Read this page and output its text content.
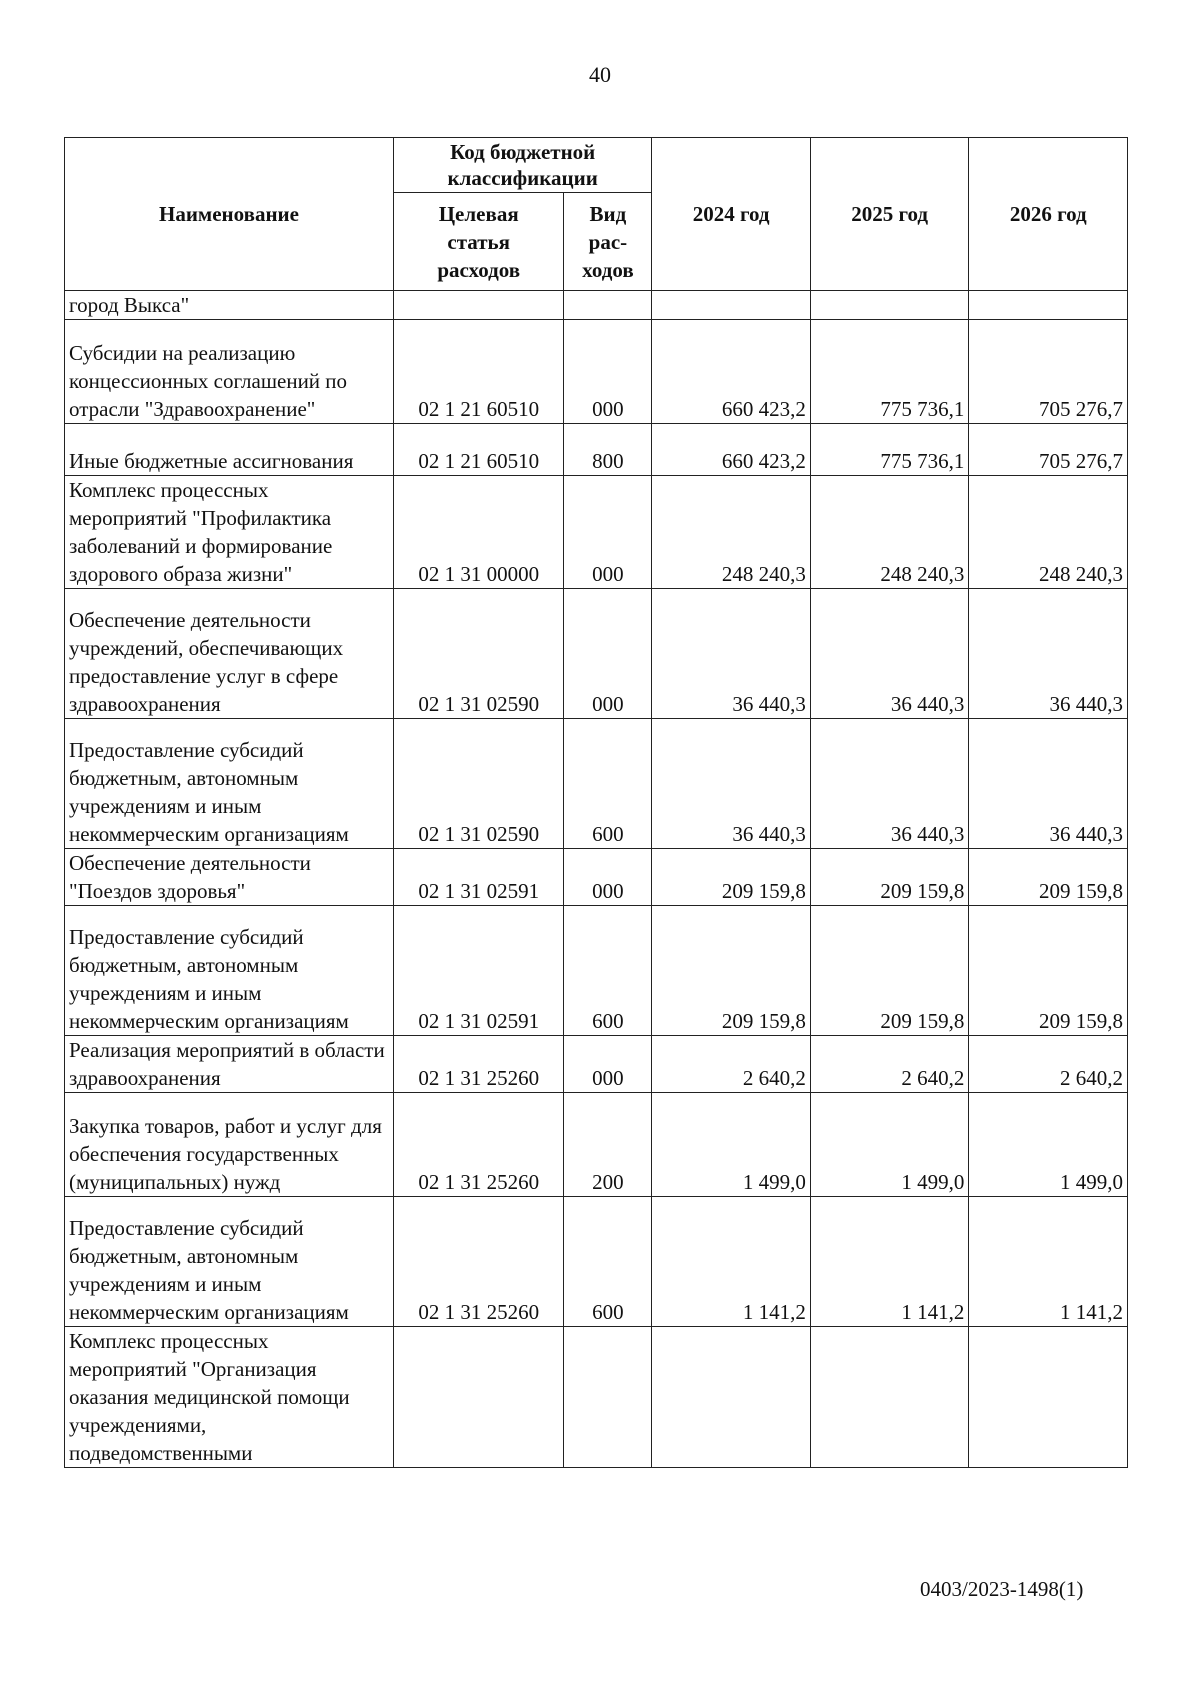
40
Наименование	Код бюджетной классификации		2024 год	2025 год	2026 год
	Целевая статья расходов	Вид рас-ходов			
город Выкса"					
Субсидии на реализацию концессионных соглашений по отрасли "Здравоохранение"	02 1 21 60510	000	660 423,2	775 736,1	705 276,7
Иные бюджетные ассигнования	02 1 21 60510	800	660 423,2	775 736,1	705 276,7
Комплекс процессных мероприятий "Профилактика заболеваний и формирование здорового образа жизни"	02 1 31 00000	000	248 240,3	248 240,3	248 240,3
Обеспечение деятельности учреждений, обеспечивающих предоставление услуг в сфере здравоохранения	02 1 31 02590	000	36 440,3	36 440,3	36 440,3
Предоставление субсидий бюджетным, автономным учреждениям и иным некоммерческим организациям	02 1 31 02590	600	36 440,3	36 440,3	36 440,3
Обеспечение деятельности "Поездов здоровья"	02 1 31 02591	000	209 159,8	209 159,8	209 159,8
Предоставление субсидий бюджетным, автономным учреждениям и иным некоммерческим организациям	02 1 31 02591	600	209 159,8	209 159,8	209 159,8
Реализация мероприятий в области здравоохранения	02 1 31 25260	000	2 640,2	2 640,2	2 640,2
Закупка товаров, работ и услуг для обеспечения государственных (муниципальных) нужд	02 1 31 25260	200	1 499,0	1 499,0	1 499,0
Предоставление субсидий бюджетным, автономным учреждениям и иным некоммерческим организациям	02 1 31 25260	600	1 141,2	1 141,2	1 141,2
Комплекс процессных мероприятий "Организация оказания медицинской помощи учреждениями, подведомственными					
0403/2023-1498(1)
